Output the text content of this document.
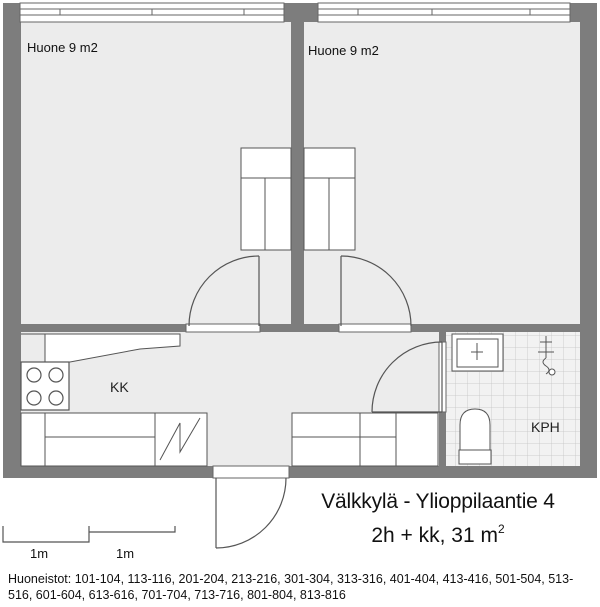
Huone 9 m2	Huone 9 m2
KK
KPH
Välkkylä - Ylioppilaantie 4
2h + kk, 31 $m^2$
1m	1m
Huoneistot: 101-104, 113-116, 201-204, 213-216, 301-304, 313-316, 401-404, 413-416, 501-504, 513-516, 601-604, 613-616, 701-704, 713-716, 801-804, 813-816
